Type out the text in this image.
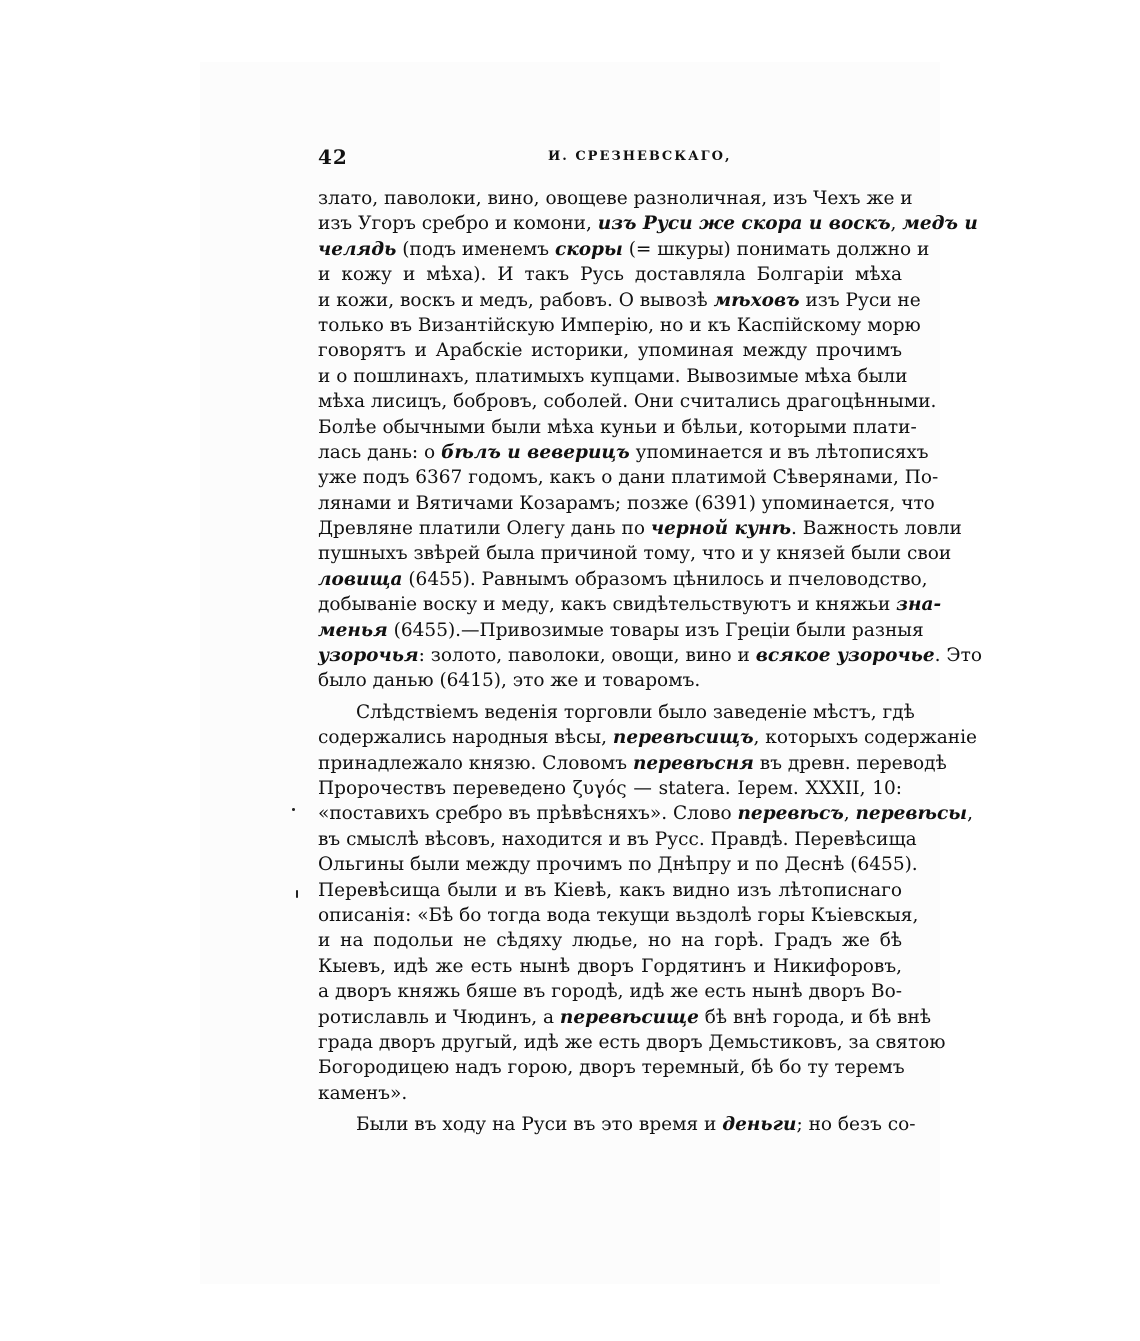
42	И. СРЕЗНЕВСКАГО,
злато, паволоки, вино, овощеве разноличная, изъ Чехъ же и
изъ Угоръ сребро и комони, изъ Руси же скора и воскъ, медъ и
челядь (подъ именемъ скоры (= шкуры) понимать должно и
и кожу и мѣха). И такъ Русь доставляла Болгаріи мѣха
и кожи, воскъ и медъ, рабовъ. О вывозѣ мѣховъ изъ Руси не
только въ Византійскую Имперію, но и къ Каспійскому морю
говорятъ и Арабскіе историки, упоминая между прочимъ
и о пошлинахъ, платимыхъ купцами. Вывозимые мѣха были
мѣха лисицъ, бобровъ, соболей. Они считались драгоцѣнными.
Болѣе обычными были мѣха куньи и бѣльи, которыми плати-
лась дань: о бѣлъ и веверицъ упоминается и въ лѣтописяхъ
уже подъ 6367 годомъ, какъ о дани платимой Сѣверянами, По-
лянами и Вятичами Козарамъ; позже (6391) упоминается, что
Древляне платили Олегу дань по черной кунѣ. Важность ловли
пушныхъ звѣрей была причиной тому, что и у князей были свои
ловища (6455). Равнымъ образомъ цѣнилось и пчеловодство,
добываніе воску и меду, какъ свидѣтельствуютъ и княжьи зна-
менья (6455).—Привозимые товары изъ Греціи были разныя
узорочья: золото, паволоки, овощи, вино и всякое узорочье. Это
было данью (6415), это же и товаромъ.
Слѣдствіемъ веденія торговли было заведеніе мѣстъ, гдѣ
содержались народныя вѣсы, перевѣсищъ, которыхъ содержаніе
принадлежало князю. Словомъ перевѣсня въ древн. переводѣ
Пророчествъ переведено ζυγός — statera. Іерем. XXXII, 10:
«поставихъ сребро въ прѣвѣсняхъ». Слово перевѣсъ, перевѣсы,
въ смыслѣ вѣсовъ, находится и въ Русс. Правдѣ. Перевѣсища
Ольгины были между прочимъ по Днѣпру и по Деснѣ (6455).
Перевѣсища были и въ Кіевѣ, какъ видно изъ лѣтописнаго
описанія: «Бѣ бо тогда вода текущи вьздолѣ горы Къіевскыя,
и на подольи не сѣдяху людье, но на горѣ. Градъ же бѣ
Кыевъ, идѣ же есть нынѣ дворъ Гордятинъ и Никифоровъ,
а дворъ княжь бяше въ городѣ, идѣ же есть нынѣ дворъ Во-
ротиславль и Чюдинъ, а перевѣсище бѣ внѣ города, и бѣ внѣ
града дворъ другый, идѣ же есть дворъ Демьстиковъ, за святою
Богородицею надъ горою, дворъ теремный, бѣ бо ту теремъ
каменъ».
Были въ ходу на Руси въ это время и деньги; но безъ со-
